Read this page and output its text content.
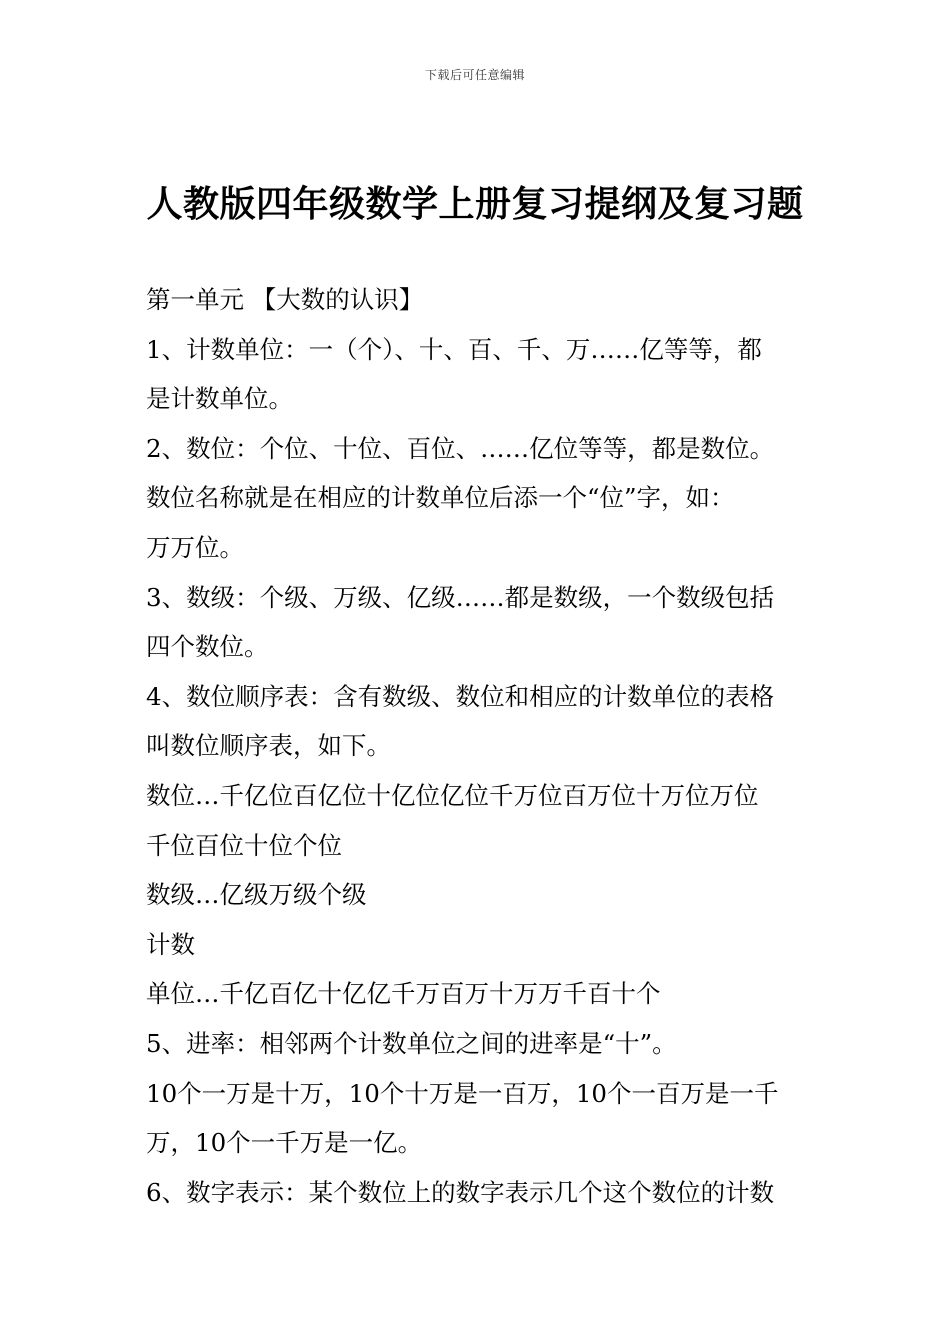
下载后可任意编辑
人教版四年级数学上册复习提纲及复习题
第一单元 【大数的认识】
1、计数单位：一（个）、十、百、千、万……亿等等，都
是计数单位。
2、数位：个位、十位、百位、……亿位等等，都是数位。
数位名称就是在相应的计数单位后添一个“位”字，如：
万万位。
3、数级：个级、万级、亿级……都是数级，一个数级包括
四个数位。
4、数位顺序表：含有数级、数位和相应的计数单位的表格
叫数位顺序表，如下。
数位…千亿位百亿位十亿位亿位千万位百万位十万位万位
千位百位十位个位
数级…亿级万级个级
计数
单位…千亿百亿十亿亿千万百万十万万千百十个
5、进率：相邻两个计数单位之间的进率是“十”。
10个一万是十万，10个十万是一百万，10个一百万是一千
万，10个一千万是一亿。
6、数字表示：某个数位上的数字表示几个这个数位的计数
